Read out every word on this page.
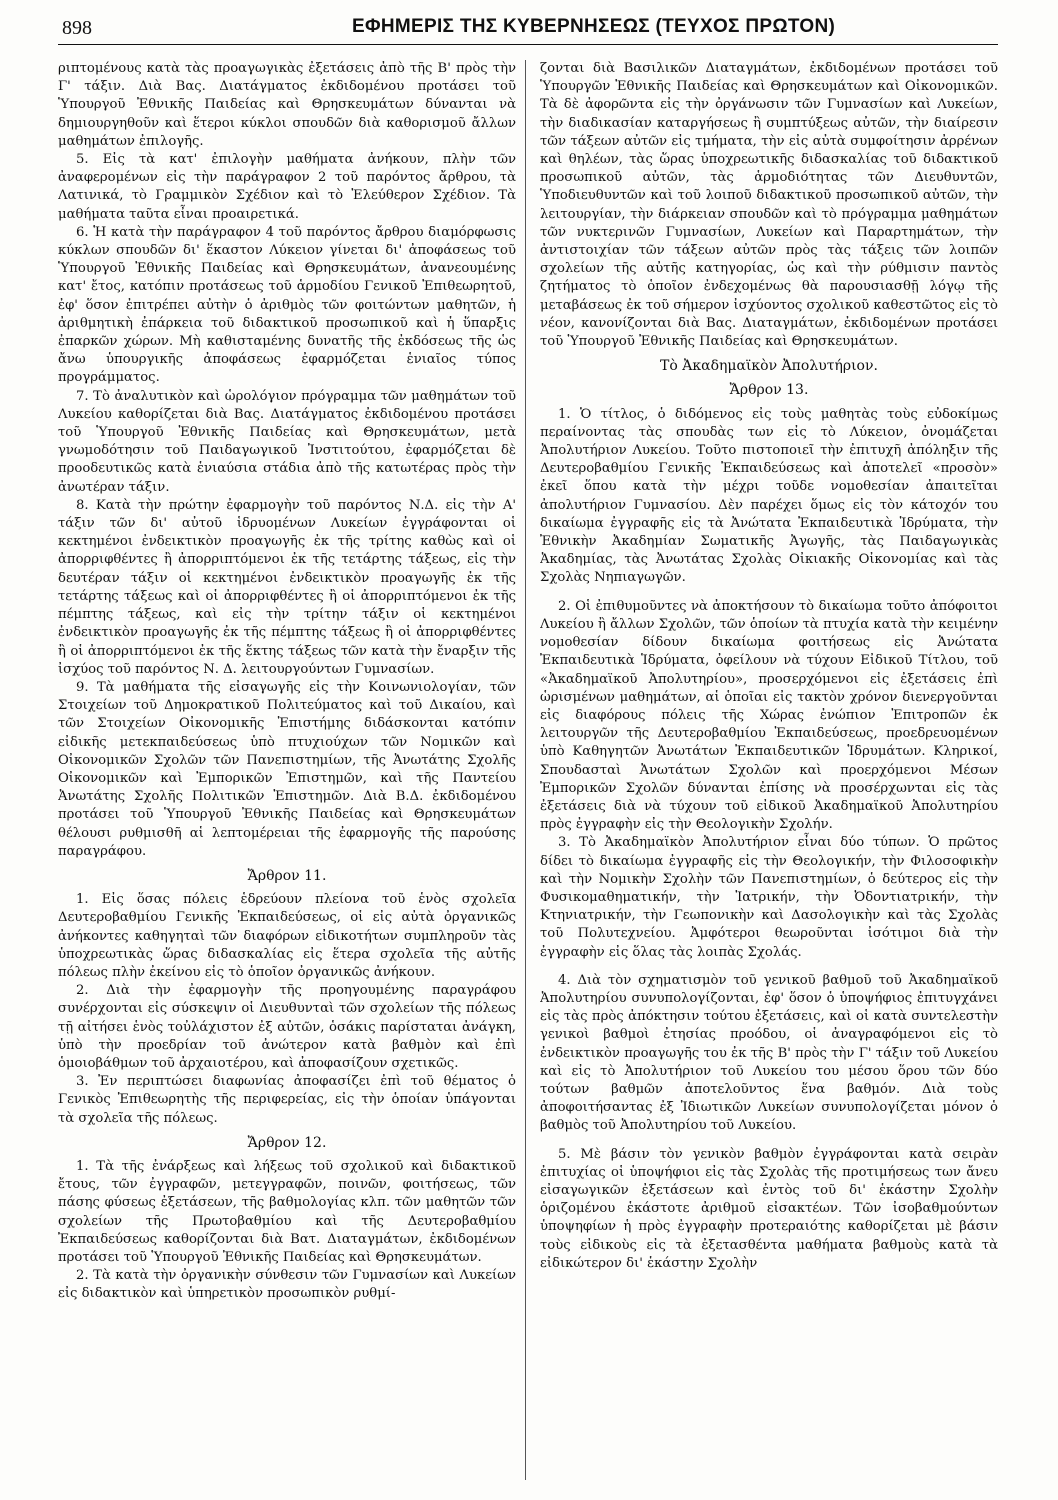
898	ΕΦΗΜΕΡΙΣ ΤΗΣ ΚΥΒΕΡΝΗΣΕΩΣ (ΤΕΥΧΟΣ ΠΡΩΤΟΝ)

ριπτομένους κατὰ τὰς προαγωγικὰς ἐξετάσεις ἀπὸ τῆς Β' πρὸς τὴν Γ' τάξιν. Διὰ Βας. Διατάγματος ἐκδιδομένου προτάσει τοῦ Ὑπουργοῦ Ἐθνικῆς Παιδείας καὶ Θρησκευμάτων δύνανται νὰ δημιουργηθοῦν καὶ ἕτεροι κύκλοι σπουδῶν διὰ καθορισμοῦ ἄλλων μαθημάτων ἐπιλογῆς.

5. Εἰς τὰ κατ' ἐπιλογὴν μαθήματα ἀνήκουν, πλὴν τῶν ἀναφερομένων εἰς τὴν παράγραφον 2 τοῦ παρόντος ἄρθρου, τὰ Λατινικά, τὸ Γραμμικὸν Σχέδιον καὶ τὸ Ἐλεύθερον Σχέδιον. Τὰ μαθήματα ταῦτα εἶναι προαιρετικά.

6. Ἡ κατὰ τὴν παράγραφον 4 τοῦ παρόντος ἄρθρου διαμόρφωσις κύκλων σπουδῶν δι' ἕκαστον Λύκειον γίνεται δι' ἀποφάσεως τοῦ Ὑπουργοῦ Ἐθνικῆς Παιδείας καὶ Θρησκευμάτων, ἀνανεουμένης κατ' ἔτος, κατόπιν προτάσεως τοῦ ἁρμοδίου Γενικοῦ Ἐπιθεωρητοῦ, ἐφ' ὅσον ἐπιτρέπει αὐτὴν ὁ ἀριθμὸς τῶν φοιτώντων μαθητῶν, ἡ ἀριθμητικὴ ἐπάρκεια τοῦ διδακτικοῦ προσωπικοῦ καὶ ἡ ὕπαρξις ἐπαρκῶν χώρων. Μὴ καθισταμένης δυνατῆς τῆς ἐκδόσεως τῆς ὡς ἄνω ὑπουργικῆς ἀποφάσεως ἐφαρμόζεται ἑνιαῖος τύπος προγράμματος.

7. Τὸ ἀναλυτικὸν καὶ ὡρολόγιον πρόγραμμα τῶν μαθημάτων τοῦ Λυκείου καθορίζεται διὰ Βας. Διατάγματος ἐκδιδομένου προτάσει τοῦ Ὑπουργοῦ Ἐθνικῆς Παιδείας καὶ Θρησκευμάτων, μετὰ γνωμοδότησιν τοῦ Παιδαγωγικοῦ Ἰνστιτούτου, ἐφαρμόζεται δὲ προοδευτικῶς κατὰ ἑνιαύσια στάδια ἀπὸ τῆς κατωτέρας πρὸς τὴν ἀνωτέραν τάξιν.

8. Κατὰ τὴν πρώτην ἐφαρμογὴν τοῦ παρόντος Ν.Δ. εἰς τὴν Α' τάξιν τῶν δι' αὐτοῦ ἱδρυομένων Λυκείων ἐγγράφονται οἱ κεκτημένοι ἐνδεικτικὸν προαγωγῆς ἐκ τῆς τρίτης καθὼς καὶ οἱ ἀπορριφθέντες ἢ ἀπορριπτόμενοι ἐκ τῆς τετάρτης τάξεως, εἰς τὴν δευτέραν τάξιν οἱ κεκτημένοι ἐνδεικτικὸν προαγωγῆς ἐκ τῆς τετάρτης τάξεως καὶ οἱ ἀπορριφθέντες ἢ οἱ ἀπορριπτόμενοι ἐκ τῆς πέμπτης τάξεως, καὶ εἰς τὴν τρίτην τάξιν οἱ κεκτημένοι ἐνδεικτικὸν προαγωγῆς ἐκ τῆς πέμπτης τάξεως ἢ οἱ ἀπορριφθέντες ἢ οἱ ἀπορριπτόμενοι ἐκ τῆς ἕκτης τάξεως τῶν κατὰ τὴν ἔναρξιν τῆς ἰσχύος τοῦ παρόντος Ν. Δ. λειτουργούντων Γυμνασίων.

9. Τὰ μαθήματα τῆς εἰσαγωγῆς εἰς τὴν Κοινωνιολογίαν, τῶν Στοιχείων τοῦ Δημοκρατικοῦ Πολιτεύματος καὶ τοῦ Δικαίου, καὶ τῶν Στοιχείων Οἰκονομικῆς Ἐπιστήμης διδάσκονται κατόπιν εἰδικῆς μετεκπαιδεύσεως ὑπὸ πτυχιούχων τῶν Νομικῶν καὶ Οἰκονομικῶν Σχολῶν τῶν Πανεπιστημίων, τῆς Ἀνωτάτης Σχολῆς Οἰκονομικῶν καὶ Ἐμπορικῶν Ἐπιστημῶν, καὶ τῆς Παντείου Ἀνωτάτης Σχολῆς Πολιτικῶν Ἐπιστημῶν. Διὰ Β.Δ. ἐκδιδομένου προτάσει τοῦ Ὑπουργοῦ Ἐθνικῆς Παιδείας καὶ Θρησκευμάτων θέλουσι ρυθμισθῆ αἱ λεπτομέρειαι τῆς ἐφαρμογῆς τῆς παρούσης παραγράφου.

Ἄρθρον 11.

1. Εἰς ὅσας πόλεις ἑδρεύουν πλείονα τοῦ ἑνὸς σχολεῖα Δευτεροβαθμίου Γενικῆς Ἐκπαιδεύσεως, οἱ εἰς αὐτὰ ὀργανικῶς ἀνήκοντες καθηγηταὶ τῶν διαφόρων εἰδικοτήτων συμπληροῦν τὰς ὑποχρεωτικὰς ὥρας διδασκαλίας εἰς ἕτερα σχολεῖα τῆς αὐτῆς πόλεως πλὴν ἐκείνου εἰς τὸ ὁποῖον ὀργανικῶς ἀνήκουν.

2. Διὰ τὴν ἐφαρμογὴν τῆς προηγουμένης παραγράφου συνέρχονται εἰς σύσκεψιν οἱ Διευθυνταὶ τῶν σχολείων τῆς πόλεως τῇ αἰτήσει ἑνὸς τοὐλάχιστον ἐξ αὐτῶν, ὁσάκις παρίσταται ἀνάγκη, ὑπὸ τὴν προεδρίαν τοῦ ἀνώτερον κατὰ βαθμὸν καὶ ἐπὶ ὁμοιοβάθμων τοῦ ἀρχαιοτέρου, καὶ ἀποφασίζουν σχετικῶς.

3. Ἐν περιπτώσει διαφωνίας ἀποφασίζει ἐπὶ τοῦ θέματος ὁ Γενικὸς Ἐπιθεωρητὴς τῆς περιφερείας, εἰς τὴν ὁποίαν ὑπάγονται τὰ σχολεῖα τῆς πόλεως.

Ἄρθρον 12.

1. Τὰ τῆς ἐνάρξεως καὶ λήξεως τοῦ σχολικοῦ καὶ διδακτικοῦ ἔτους, τῶν ἐγγραφῶν, μετεγγραφῶν, ποινῶν, φοιτήσεως, τῶν πάσης φύσεως ἐξετάσεων, τῆς βαθμολογίας κλπ. τῶν μαθητῶν τῶν σχολείων τῆς Πρωτοβαθμίου καὶ τῆς Δευτεροβαθμίου Ἐκπαιδεύσεως καθορίζονται διὰ Βατ. Διαταγμάτων, ἐκδιδομένων προτάσει τοῦ Ὑπουργοῦ Ἐθνικῆς Παιδείας καὶ Θρησκευμάτων.

2. Τὰ κατὰ τὴν ὀργανικὴν σύνθεσιν τῶν Γυμνασίων καὶ Λυκείων εἰς διδακτικὸν καὶ ὑπηρετικὸν προσωπικὸν ρυθμί-

ζονται διὰ Βασιλικῶν Διαταγμάτων, ἐκδιδομένων προτάσει τοῦ Ὑπουργῶν Ἐθνικῆς Παιδείας καὶ Θρησκευμάτων καὶ Οἰκονομικῶν. Τὰ δὲ ἀφορῶντα εἰς τὴν ὀργάνωσιν τῶν Γυμνασίων καὶ Λυκείων, τὴν διαδικασίαν καταργήσεως ἢ συμπτύξεως αὐτῶν, τὴν διαίρεσιν τῶν τάξεων αὐτῶν εἰς τμήματα, τὴν εἰς αὐτὰ συμφοίτησιν ἀρρένων καὶ θηλέων, τὰς ὥρας ὑποχρεωτικῆς διδασκαλίας τοῦ διδακτικοῦ προσωπικοῦ αὐτῶν, τὰς ἁρμοδιότητας τῶν Διευθυντῶν, Ὑποδιευθυντῶν καὶ τοῦ λοιποῦ διδακτικοῦ προσωπικοῦ αὐτῶν, τὴν λειτουργίαν, τὴν διάρκειαν σπουδῶν καὶ τὸ πρόγραμμα μαθημάτων τῶν νυκτερινῶν Γυμνασίων, Λυκείων καὶ Παραρτημάτων, τὴν ἀντιστοιχίαν τῶν τάξεων αὐτῶν πρὸς τὰς τάξεις τῶν λοιπῶν σχολείων τῆς αὐτῆς κατηγορίας, ὡς καὶ τὴν ρύθμισιν παντὸς ζητήματος τὸ ὁποῖον ἐνδεχομένως θὰ παρουσιασθῇ λόγῳ τῆς μεταβάσεως ἐκ τοῦ σήμερον ἰσχύοντος σχολικοῦ καθεστῶτος εἰς τὸ νέον, κανονίζονται διὰ Βας. Διαταγμάτων, ἐκδιδομένων προτάσει τοῦ Ὑπουργοῦ Ἐθνικῆς Παιδείας καὶ Θρησκευμάτων.

Τὸ Ἀκαδημαϊκὸν Ἀπολυτήριον.
Ἄρθρον 13.

1. Ὁ τίτλος, ὁ διδόμενος εἰς τοὺς μαθητὰς τοὺς εὐδοκίμως περαίνοντας τὰς σπουδὰς των εἰς τὸ Λύκειον, ὀνομάζεται Ἀπολυτήριον Λυκείου. Τοῦτο πιστοποιεῖ τὴν ἐπιτυχῆ ἀπόληξιν τῆς Δευτεροβαθμίου Γενικῆς Ἐκπαιδεύσεως καὶ ἀποτελεῖ «προσὸν» ἐκεῖ ὅπου κατὰ τὴν μέχρι τοῦδε νομοθεσίαν ἀπαιτεῖται ἀπολυτήριον Γυμνασίου. Δὲν παρέχει ὅμως εἰς τὸν κάτοχόν του δικαίωμα ἐγγραφῆς εἰς τὰ Ἀνώτατα Ἐκπαιδευτικὰ Ἱδρύματα, τὴν Ἐθνικὴν Ἀκαδημίαν Σωματικῆς Ἀγωγῆς, τὰς Παιδαγωγικὰς Ἀκαδημίας, τὰς Ἀνωτάτας Σχολὰς Οἰκιακῆς Οἰκονομίας καὶ τὰς Σχολὰς Νηπιαγωγῶν.

2. Οἱ ἐπιθυμοῦντες νὰ ἀποκτήσουν τὸ δικαίωμα τοῦτο ἀπόφοιτοι Λυκείου ἢ ἄλλων Σχολῶν, τῶν ὁποίων τὰ πτυχία κατὰ τὴν κειμένην νομοθεσίαν δίδουν δικαίωμα φοιτήσεως εἰς Ἀνώτατα Ἐκπαιδευτικὰ Ἱδρύματα, ὀφείλουν νὰ τύχουν Εἰδικοῦ Τίτλου, τοῦ «Ἀκαδημαϊκοῦ Ἀπολυτηρίου», προσερχόμενοι εἰς ἐξετάσεις ἐπὶ ὡρισμένων μαθημάτων, αἱ ὁποῖαι εἰς τακτὸν χρόνον διενεργοῦνται εἰς διαφόρους πόλεις τῆς Χώρας ἐνώπιον Ἐπιτροπῶν ἐκ λειτουργῶν τῆς Δευτεροβαθμίου Ἐκπαιδεύσεως, προεδρευομένων ὑπὸ Καθηγητῶν Ἀνωτάτων Ἐκπαιδευτικῶν Ἱδρυμάτων. Κληρικοί, Σπουδασταὶ Ἀνωτάτων Σχολῶν καὶ προερχόμενοι Μέσων Ἐμπορικῶν Σχολῶν δύνανται ἐπίσης νὰ προσέρχωνται εἰς τὰς ἐξετάσεις διὰ νὰ τύχουν τοῦ εἰδικοῦ Ἀκαδημαϊκοῦ Ἀπολυτηρίου πρὸς ἐγγραφὴν εἰς τὴν Θεολογικὴν Σχολήν.

3. Τὸ Ἀκαδημαϊκὸν Ἀπολυτήριον εἶναι δύο τύπων. Ὁ πρῶτος δίδει τὸ δικαίωμα ἐγγραφῆς εἰς τὴν Θεολογικήν, τὴν Φιλοσοφικὴν καὶ τὴν Νομικὴν Σχολὴν τῶν Πανεπιστημίων, ὁ δεύτερος εἰς τὴν Φυσικομαθηματικήν, τὴν Ἰατρικήν, τὴν Ὀδοντιατρικήν, τὴν Κτηνιατρικήν, τὴν Γεωπονικὴν καὶ Δασολογικὴν καὶ τὰς Σχολὰς τοῦ Πολυτεχνείου. Ἀμφότεροι θεωροῦνται ἰσότιμοι διὰ τὴν ἐγγραφὴν εἰς ὅλας τὰς λοιπὰς Σχολάς.

4. Διὰ τὸν σχηματισμὸν τοῦ γενικοῦ βαθμοῦ τοῦ Ἀκαδημαϊκοῦ Ἀπολυτηρίου συνυπολογίζονται, ἐφ' ὅσον ὁ ὑποψήφιος ἐπιτυγχάνει εἰς τὰς πρὸς ἀπόκτησιν τούτου ἐξετάσεις, καὶ οἱ κατὰ συντελεστὴν γενικοὶ βαθμοὶ ἐτησίας προόδου, οἱ ἀναγραφόμενοι εἰς τὸ ἐνδεικτικὸν προαγωγῆς του ἐκ τῆς Β' πρὸς τὴν Γ' τάξιν τοῦ Λυκείου καὶ εἰς τὸ Ἀπολυτήριον τοῦ Λυκείου του μέσου ὅρου τῶν δύο τούτων βαθμῶν ἀποτελοῦντος ἕνα βαθμόν. Διὰ τοὺς ἀποφοιτήσαντας ἐξ Ἰδιωτικῶν Λυκείων συνυπολογίζεται μόνον ὁ βαθμὸς τοῦ Ἀπολυτηρίου τοῦ Λυκείου.

5. Μὲ βάσιν τὸν γενικὸν βαθμὸν ἐγγράφονται κατὰ σειρὰν ἐπιτυχίας οἱ ὑποψήφιοι εἰς τὰς Σχολὰς τῆς προτιμήσεως των ἄνευ εἰσαγωγικῶν ἐξετάσεων καὶ ἐντὸς τοῦ δι' ἑκάστην Σχολὴν ὁριζομένου ἑκάστοτε ἀριθμοῦ εἰσακτέων. Τῶν ἰσοβαθμούντων ὑποψηφίων ἡ πρὸς ἐγγραφὴν προτεραιότης καθορίζεται μὲ βάσιν τοὺς εἰδικοὺς εἰς τὰ ἐξετασθέντα μαθήματα βαθμοὺς κατὰ τὰ εἰδικώτερον δι' ἑκάστην Σχολὴν
